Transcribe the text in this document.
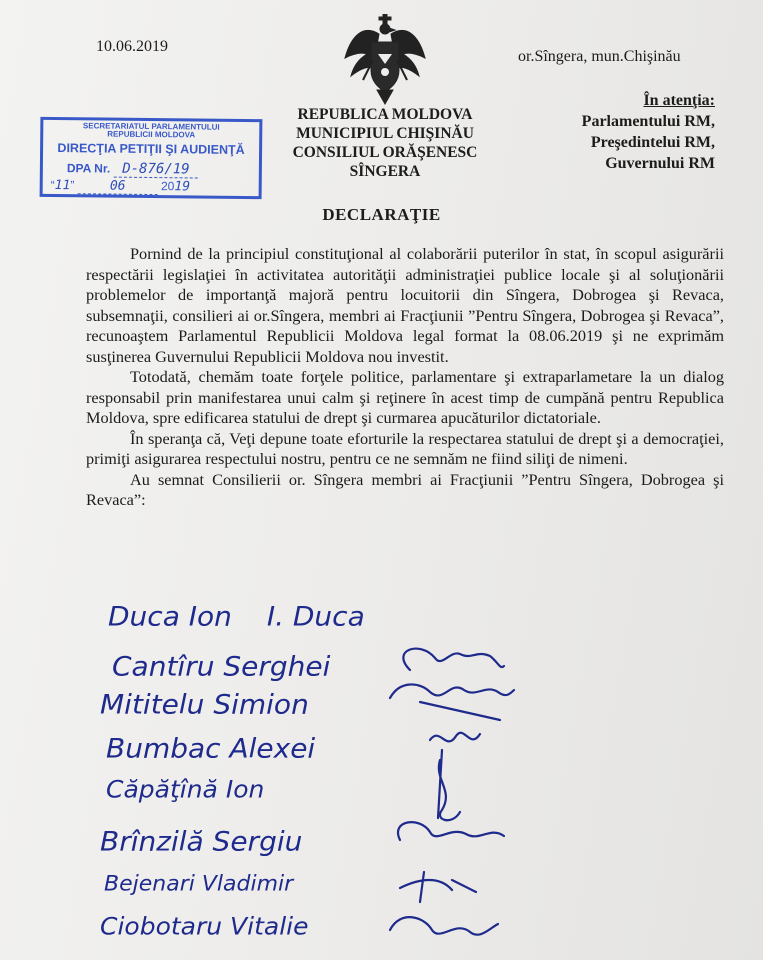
10.06.2019
or.Sîngera, mun.Chişinău
REPUBLICA MOLDOVA
MUNICIPIUL CHIŞINĂU
CONSILIUL ORĂŞENESC
SÎNGERA
În atenţia:
Parlamentului RM,
Preşedintelui RM,
Guvernului RM
SECRETARIATUL PARLAMENTULUI
REPUBLICII MOLDOVA
DIRECŢIA PETIŢII ŞI AUDIENŢĂ
DPA Nr. D-876/19
“11” 06	2019
DECLARAŢIE

Pornind de la principiul constituţional al colaborării puterilor în stat, în scopul asigurării respectării legislaţiei în activitatea autorităţii administraţiei publice locale şi al soluţionării problemelor de importanţă majoră pentru locuitorii din Sîngera, Dobrogea şi Revaca, subsemnaţii, consilieri ai or.Sîngera, membri ai Fracţiunii ”Pentru Sîngera, Dobrogea şi Revaca”, recunoaştem Parlamentul Republicii Moldova legal format la 08.06.2019 şi ne exprimăm susţinerea Guvernului Republicii Moldova nou investit.

Totodată, chemăm toate forţele politice, parlamentare şi extraparlametare la un dialog responsabil prin manifestarea unui calm şi reţinere în acest timp de cumpănă pentru Republica Moldova, spre edificarea statului de drept şi curmarea apucăturilor dictatoriale.

În speranţa că, Veţi depune toate eforturile la respectarea statului de drept şi a democraţiei, primiţi asigurarea respectului nostru, pentru ce ne semnăm ne fiind siliţi de nimeni.

Au semnat Consilierii or. Sîngera membri ai Fracţiunii ”Pentru Sîngera, Dobrogea şi Revaca”:

Duca Ion I. Duca
Cantîru Serghei
Mititelu Simion
Bumbac Alexei
Căpăţînă Ion
Brînzilă Sergiu
Bejenari Vladimir
Ciobotaru Vitalie
